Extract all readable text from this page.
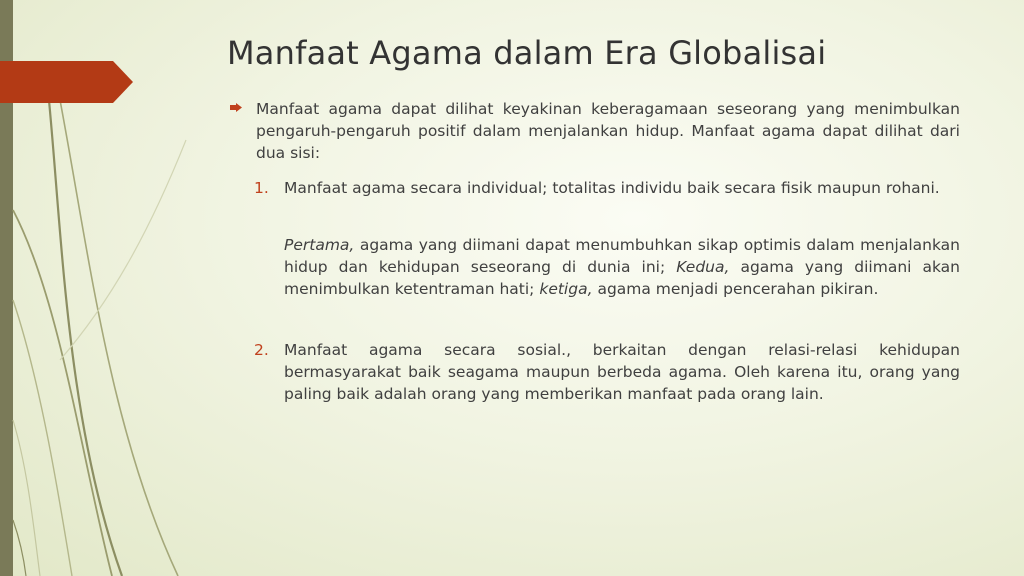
Manfaat Agama dalam Era Globalisai

Manfaat agama dapat dilihat keyakinan keberagamaan seseorang yang menimbulkan pengaruh-pengaruh positif dalam menjalankan hidup. Manfaat agama dapat dilihat dari dua sisi:

1. Manfaat agama secara individual; totalitas individu baik secara fisik maupun rohani.

Pertama, agama yang diimani dapat menumbuhkan sikap optimis dalam menjalankan hidup dan kehidupan seseorang di dunia ini; Kedua, agama yang diimani akan menimbulkan ketentraman hati; ketiga, agama menjadi pencerahan pikiran.

2. Manfaat agama secara sosial., berkaitan dengan relasi-relasi kehidupan bermasyarakat baik seagama maupun berbeda agama. Oleh karena itu, orang yang paling baik adalah orang yang memberikan manfaat pada orang lain.
